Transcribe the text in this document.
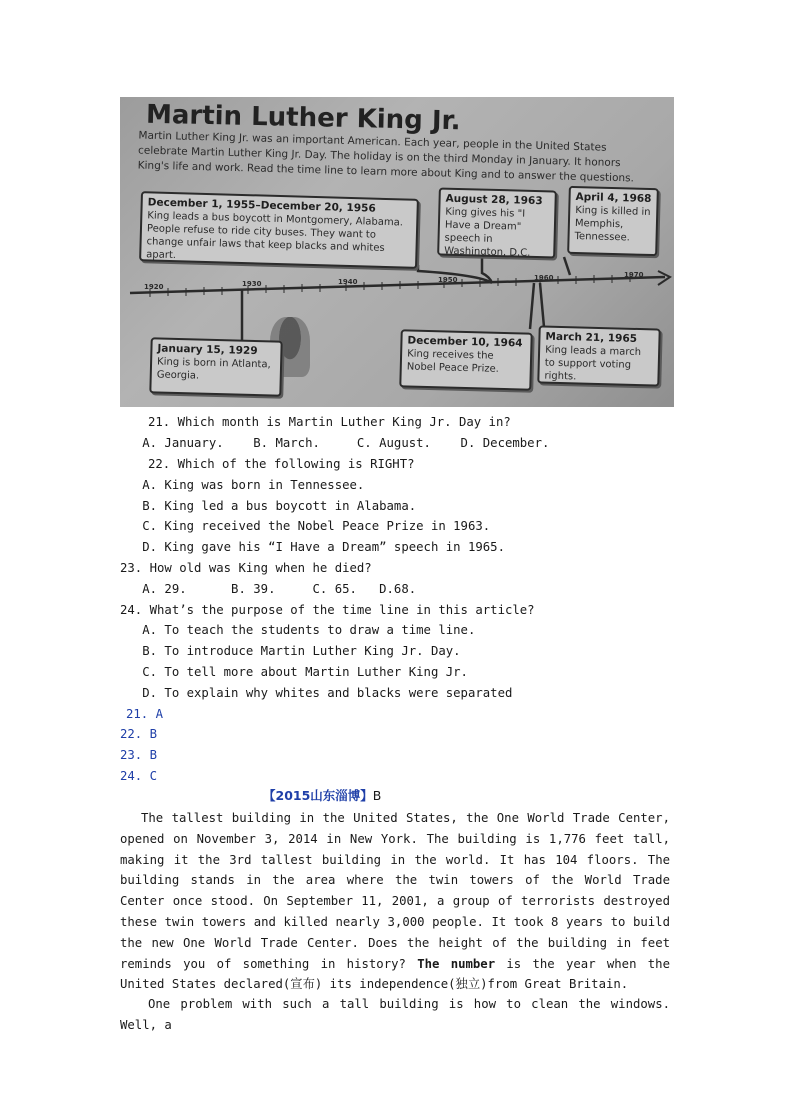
Martin Luther King Jr.
Martin Luther King Jr. was an important American. Each year, people in the United States celebrate Martin Luther King Jr. Day. The holiday is on the third Monday in January. It honors King's life and work. Read the time line to learn more about King and to answer the questions.
1920	1930	1940	1950	1960	1970
December 1, 1955–December 20, 1956
King leads a bus boycott in Montgomery, Alabama. People refuse to ride city buses. They want to change unfair laws that keep blacks and whites apart.
August 28, 1963
King gives his "I Have a Dream" speech in Washington, D.C.
April 4, 1968
King is killed in Memphis, Tennessee.
January 15, 1929
King is born in Atlanta, Georgia.
December 10, 1964
King receives the Nobel Peace Prize.
March 21, 1965
King leads a march to support voting rights.
21. Which month is Martin Luther King Jr. Day in?
A. January.    B. March.     C. August.    D. December.
22. Which of the following is RIGHT?
A. King was born in Tennessee.
B. King led a bus boycott in Alabama.
C. King received the Nobel Peace Prize in 1963.
D. King gave his “I Have a Dream” speech in 1965.
23. How old was King when he died?
A. 29.      B. 39.     C. 65.   D.68.
24. What’s the purpose of the time line in this article?
A. To teach the students to draw a time line.
B. To introduce Martin Luther King Jr. Day.
C. To tell more about Martin Luther King Jr.
D. To explain why whites and blacks were separated
21. A
22. B
23. B
24. C
【2015山东淄博】B
The tallest building in the United States, the One World Trade Center, opened on November 3, 2014 in New York. The building is 1,776 feet tall, making it the 3rd tallest building in the world. It has 104 floors. The building stands in the area where the twin towers of the World Trade Center once stood. On September 11, 2001, a group of terrorists destroyed these twin towers and killed nearly 3,000 people. It took 8 years to build the new One World Trade Center. Does the height of the building in feet reminds you of something in history? The number is the year when the United States declared(宣布) its independence(独立)from Great Britain.
One problem with such a tall building is how to clean the windows. Well, a
